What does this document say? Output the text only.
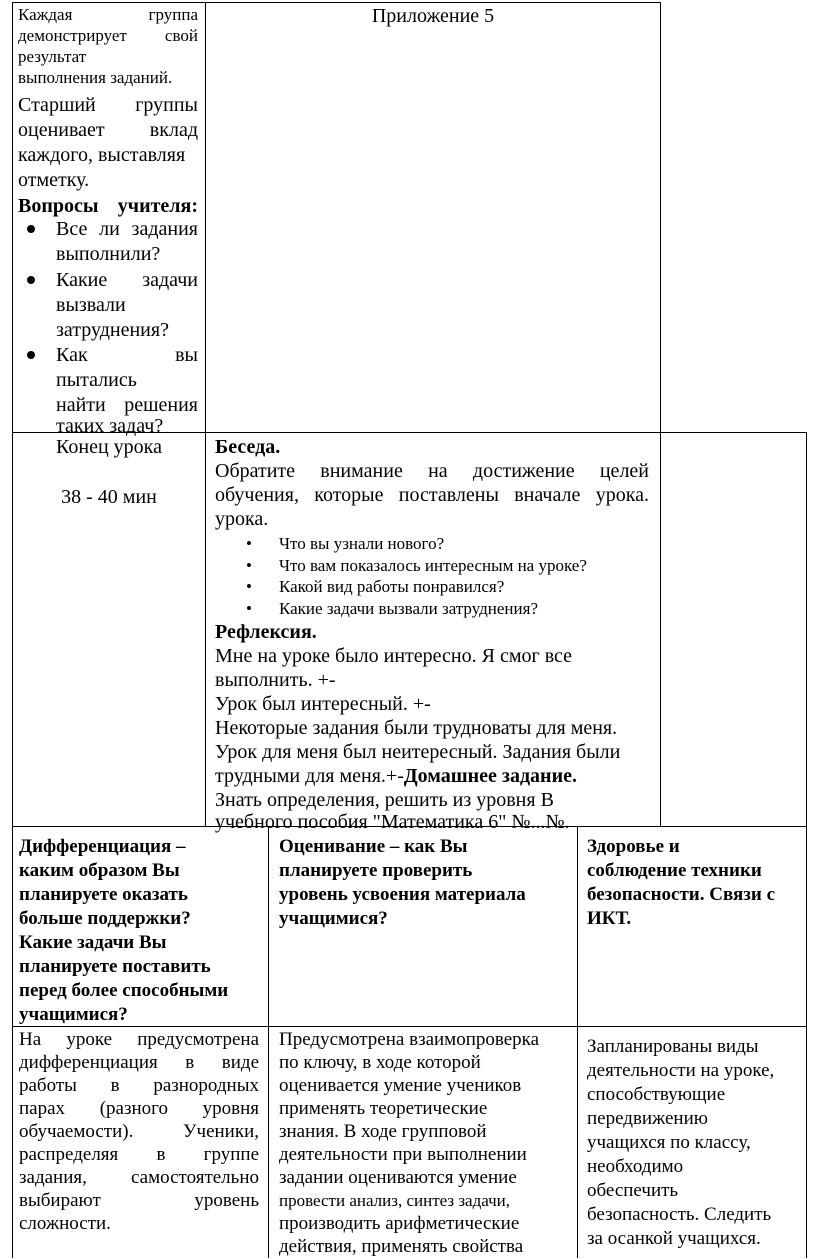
Каждая группа
демонстрирует свой
результат
выполнения заданий.
Старший группы
оценивает вклад
каждого, выставляя
отметку.
Вопросы учителя:
Все ли задания
выполнили?
Какие задачи
вызвали
затруднения?
Как вы
пытались
найти решения
таких задач?
Приложение 5
Конец урока
38 - 40 мин
Беседа.
Обратите внимание на достижение целей
обучения, которые поставлены вначале урока.
урока.
• Что вы узнали нового?
• Что вам показалось интересным на уроке?
• Какой вид работы понравился?
• Какие задачи вызвали затруднения?
Рефлексия.
Мне на уроке было интересно. Я смог все
выполнить. +-
Урок был интересный. +-
Некоторые задания были трудноваты для меня.
Урок для меня был неитересный. Задания были
трудными для меня.+-Домашнее задание.
Знать определения, решить из уровня В
учебного пособия "Математика 6" №...№.
Дифференциация –
каким образом Вы
планируете оказать
больше поддержки?
Какие задачи Вы
планируете поставить
перед более способными
учащимися?
Оценивание – как Вы
планируете проверить
уровень усвоения материала
учащимися?
Здоровье и
соблюдение техники
безопасности. Связи с
ИКТ.
На уроке предусмотрена
дифференциация в виде
работы в разнородных
парах (разного уровня
обучаемости). Ученики,
распределяя в группе
задания, самостоятельно
выбирают уровень
сложности.
Предусмотрена взаимопроверка
по ключу, в ходе которой
оценивается умение учеников
применять теоретические
знания. В ходе групповой
деятельности при выполнении
задании оцениваются умение
провести анализ, синтез задачи,
производить арифметические
действия, применять свойства
Запланированы виды
деятельности на уроке,
способствующие
передвижению
учащихся по классу,
необходимо
обеспечить
безопасность. Следить
за осанкой учащихся.
